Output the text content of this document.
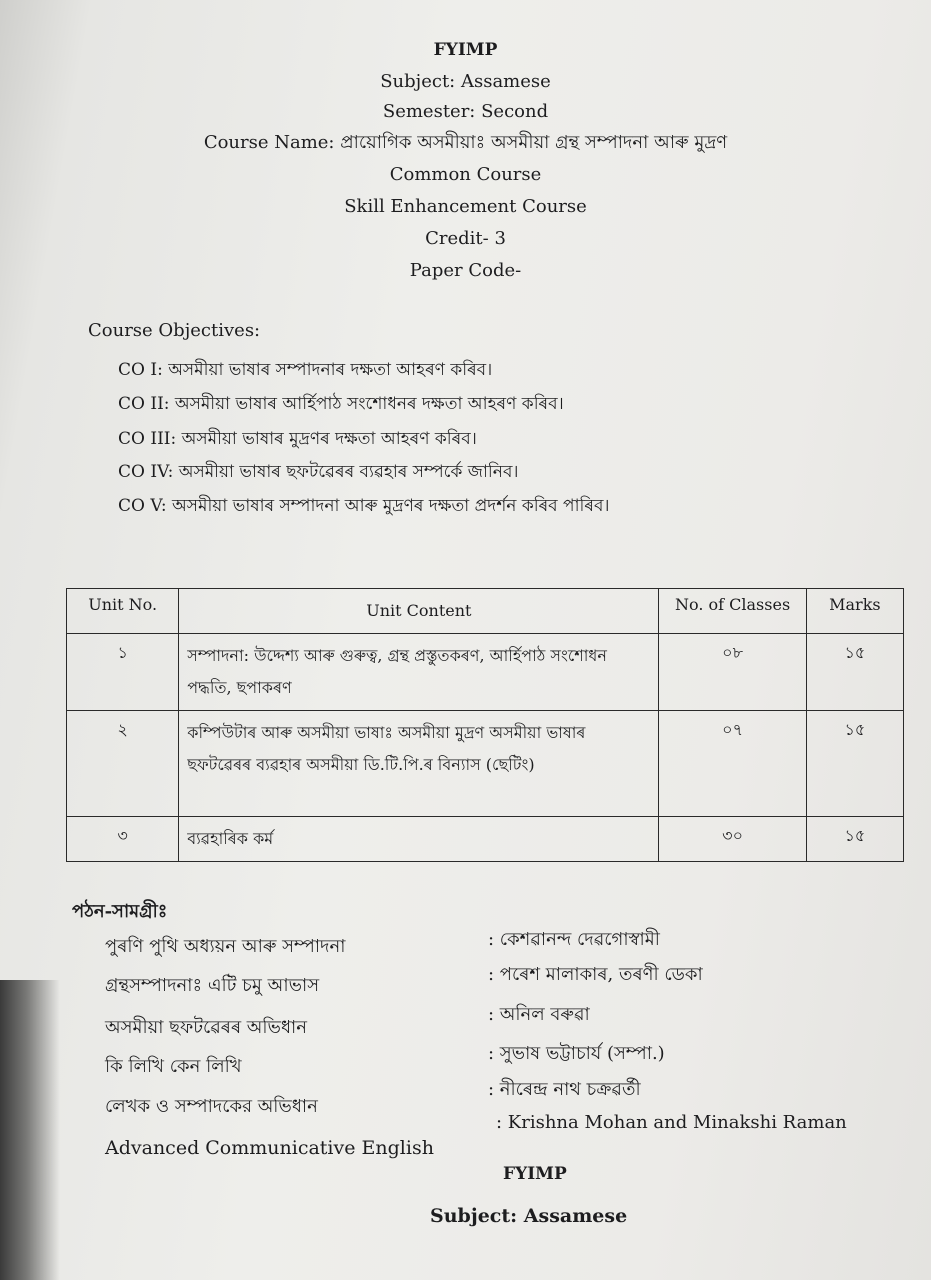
FYIMP
Subject: Assamese
Semester: Second
Course Name: প্ৰায়োগিক অসমীয়াঃ অসমীয়া গ্ৰন্থ সম্পাদনা আৰু মুদ্ৰণ
Common Course
Skill Enhancement Course
Credit- 3
Paper Code-
Course Objectives:
CO I: অসমীয়া ভাষাৰ সম্পাদনাৰ দক্ষতা আহৰণ কৰিব।
CO II: অসমীয়া ভাষাৰ আৰ্হিপাঠ সংশোধনৰ দক্ষতা আহৰণ কৰিব।
CO III: অসমীয়া ভাষাৰ মুদ্ৰণৰ দক্ষতা আহৰণ কৰিব।
CO IV: অসমীয়া ভাষাৰ ছফটৱেৰৰ ব্যৱহাৰ সম্পৰ্কে জানিব।
CO V: অসমীয়া ভাষাৰ সম্পাদনা আৰু মুদ্ৰণৰ দক্ষতা প্ৰদৰ্শন কৰিব পাৰিব।
Unit No.	Unit Content	No. of Classes	Marks
১	সম্পাদনা: উদ্দেশ্য আৰু গুৰুত্ব, গ্ৰন্থ প্ৰস্তুতকৰণ, আৰ্হিপাঠ সংশোধন পদ্ধতি, ছপাকৰণ	০৮	১৫
২	কম্পিউটাৰ আৰু অসমীয়া ভাষাঃ অসমীয়া মুদ্ৰণ অসমীয়া ভাষাৰ ছফটৱেৰৰ ব্যৱহাৰ অসমীয়া ডি.টি.পি.ৰ বিন্যাস (ছেটিং)	০৭	১৫
৩	ব্যৱহাৰিক কৰ্ম	৩০	১৫
পঠন-সামগ্ৰীঃ
পুৰণি পুথি অধ্যয়ন আৰু সম্পাদনা	: কেশৱানন্দ দেৱগোস্বামী
গ্ৰন্থসম্পাদনাঃ এটি চমু আভাস
: পৰেশ মালাকাৰ, তৰণী ডেকা
অসমীয়া ছফটৱেৰৰ অভিধান
: অনিল বৰুৱা
কি লিখি কেন লিখি
: সুভাষ ভট্টাচাৰ্য (সম্পা.)
লেখক ও সম্পাদকের অভিধান
: নীৰেন্দ্ৰ নাথ চক্ৰৱৰ্তী
Advanced Communicative English
: Krishna Mohan and Minakshi Raman
FYIMP
Subject: Assamese
